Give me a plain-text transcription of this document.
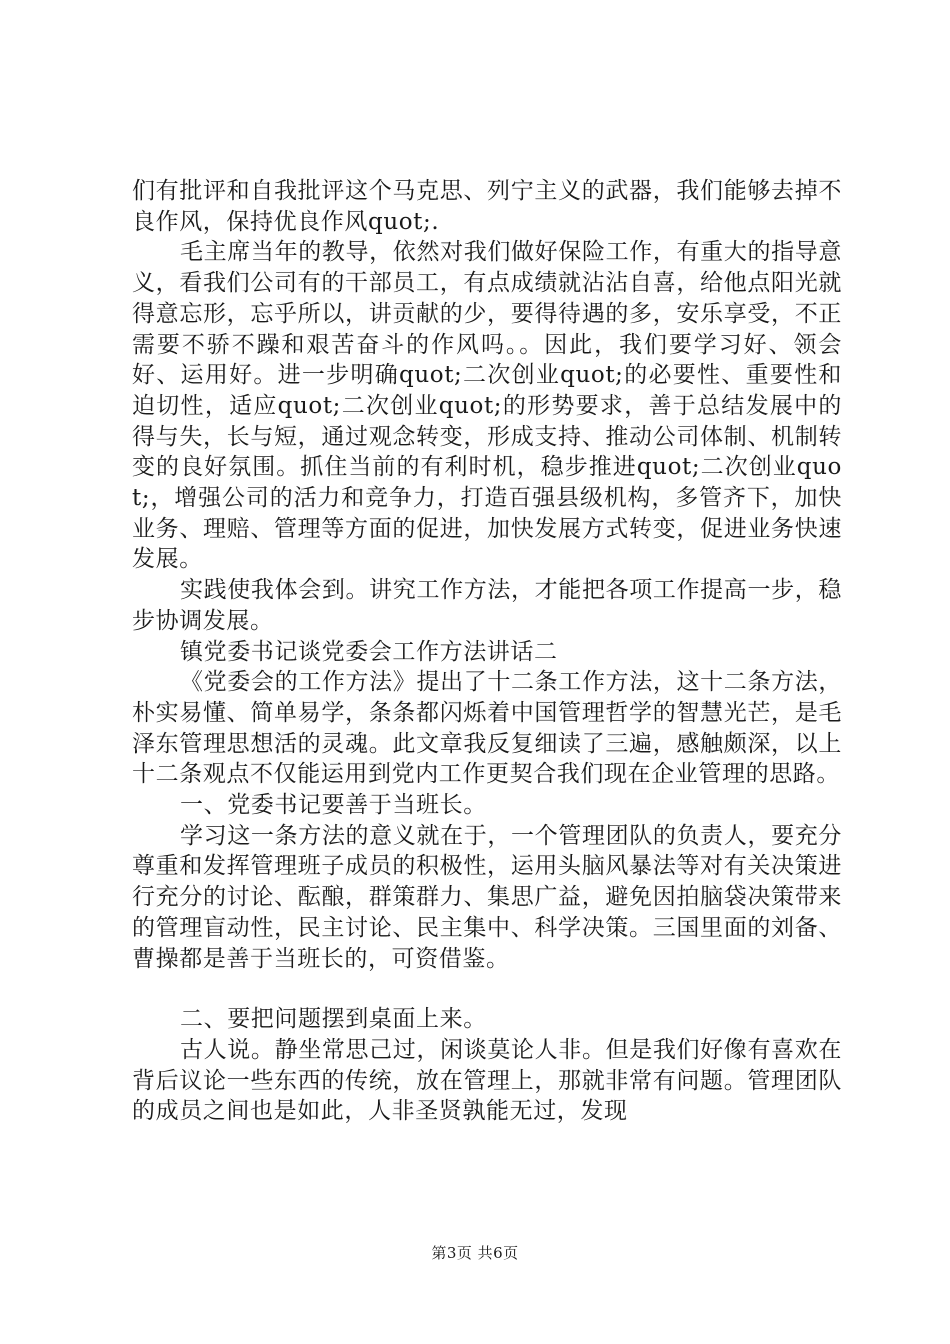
们有批评和自我批评这个马克思、列宁主义的武器，我们能够去掉不良作风，保持优良作风quot;.

毛主席当年的教导，依然对我们做好保险工作，有重大的指导意义，看我们公司有的干部员工，有点成绩就沾沾自喜，给他点阳光就得意忘形，忘乎所以，讲贡献的少，要得待遇的多，安乐享受，不正需要不骄不躁和艰苦奋斗的作风吗。。因此，我们要学习好、领会好、运用好。进一步明确quot;二次创业quot;的必要性、重要性和迫切性，适应quot;二次创业quot;的形势要求，善于总结发展中的得与失，长与短，通过观念转变，形成支持、推动公司体制、机制转变的良好氛围。抓住当前的有利时机，稳步推进quot;二次创业quot;，增强公司的活力和竞争力，打造百强县级机构，多管齐下，加快业务、理赔、管理等方面的促进，加快发展方式转变，促进业务快速发展。

实践使我体会到。讲究工作方法，才能把各项工作提高一步，稳步协调发展。

镇党委书记谈党委会工作方法讲话二

《党委会的工作方法》提出了十二条工作方法，这十二条方法，朴实易懂、简单易学，条条都闪烁着中国管理哲学的智慧光芒，是毛泽东管理思想活的灵魂。此文章我反复细读了三遍，感触颇深，以上十二条观点不仅能运用到党内工作更契合我们现在企业管理的思路。

一、党委书记要善于当班长。

学习这一条方法的意义就在于，一个管理团队的负责人，要充分尊重和发挥管理班子成员的积极性，运用头脑风暴法等对有关决策进行充分的讨论、酝酿，群策群力、集思广益，避免因拍脑袋决策带来的管理盲动性，民主讨论、民主集中、科学决策。三国里面的刘备、曹操都是善于当班长的，可资借鉴。

二、要把问题摆到桌面上来。

古人说。静坐常思己过，闲谈莫论人非。但是我们好像有喜欢在背后议论一些东西的传统，放在管理上，那就非常有问题。管理团队的成员之间也是如此，人非圣贤孰能无过，发现

第3页 共6页
